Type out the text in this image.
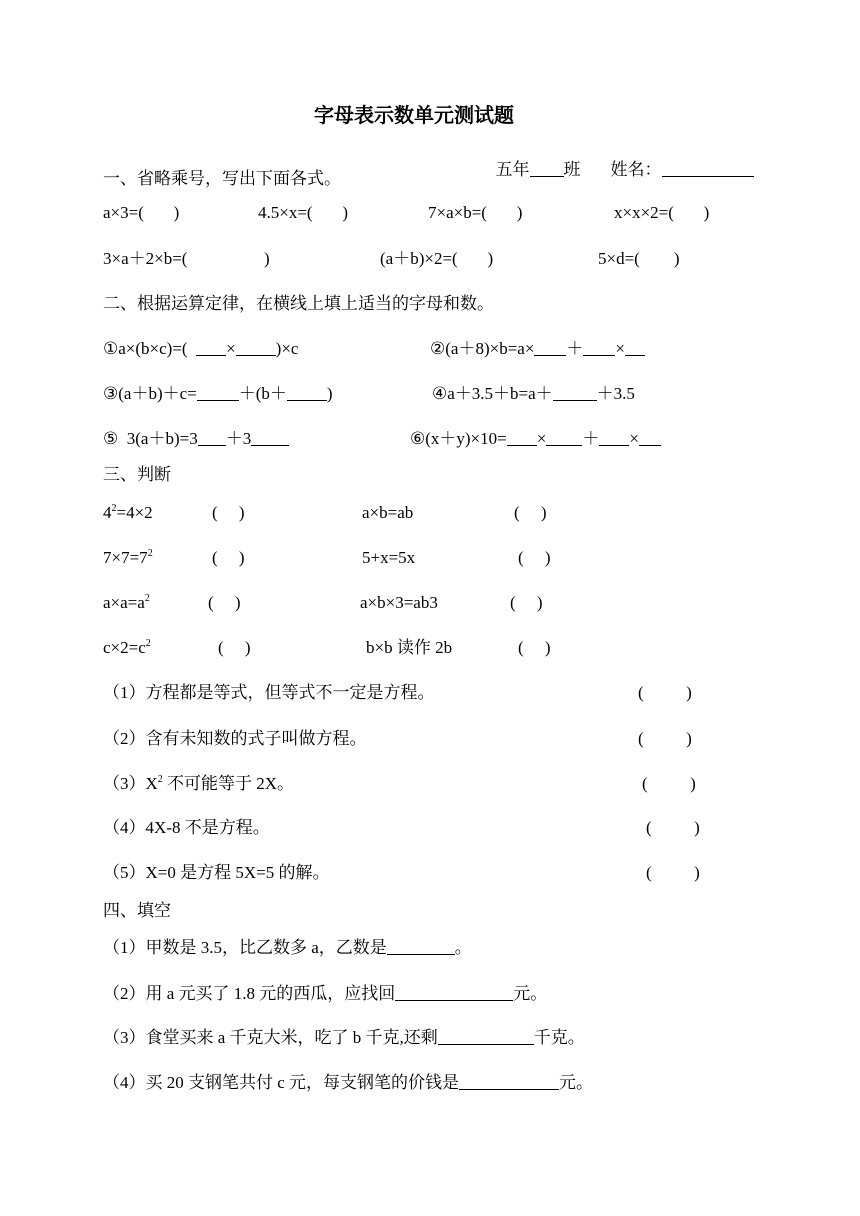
字母表示数单元测试题

五年 班 姓名：

一、省略乘号，写出下面各式。
a×3=(       )	4.5×x=(       )	7×a×b=(       )	x×x×2=(       )
3×a＋2×b=(                  )	(a＋b)×2=(       )	5×d=(        )
二、根据运算定律，在横线上填上适当的字母和数。
①a×(b×c)=(  × )×c	②(a＋8)×b=a× ＋ ×
③(a＋b)＋c= ＋(b＋ )	④a＋3.5＋b=a＋	＋3.5
⑤  3(a＋b)=3 ＋3	⑥(x＋y)×10= × ＋ ×
三、判断
$4^2=4\times 2$	(     )	a×b=ab	(     )
$7\times 7=7^2$	(     )	5+x=5x	(     )
$a\times a=a^2$	(     )	a×b×3=ab3	(     )
$c\times 2=c^2$	(     )	b×b 读作 2b	(     )
（1）方程都是等式，但等式不一定是方程。	(          )
（2）含有未知数的式子叫做方程。	(          )
$(3)X^2$ 不可能等于 2X。	(          )
（4）4X-8 不是方程。	(          )
（5）X=0 是方程 5X=5 的解。	(          )
四、填空
（1）甲数是 3.5，比乙数多 a，乙数是	。
（2）用 a 元买了 1.8 元的西瓜，应找回	元。
（3）食堂买来 a 千克大米，吃了 b 千克,还剩	千克。
（4）买 20 支钢笔共付 c 元，每支钢笔的价钱是	元。
